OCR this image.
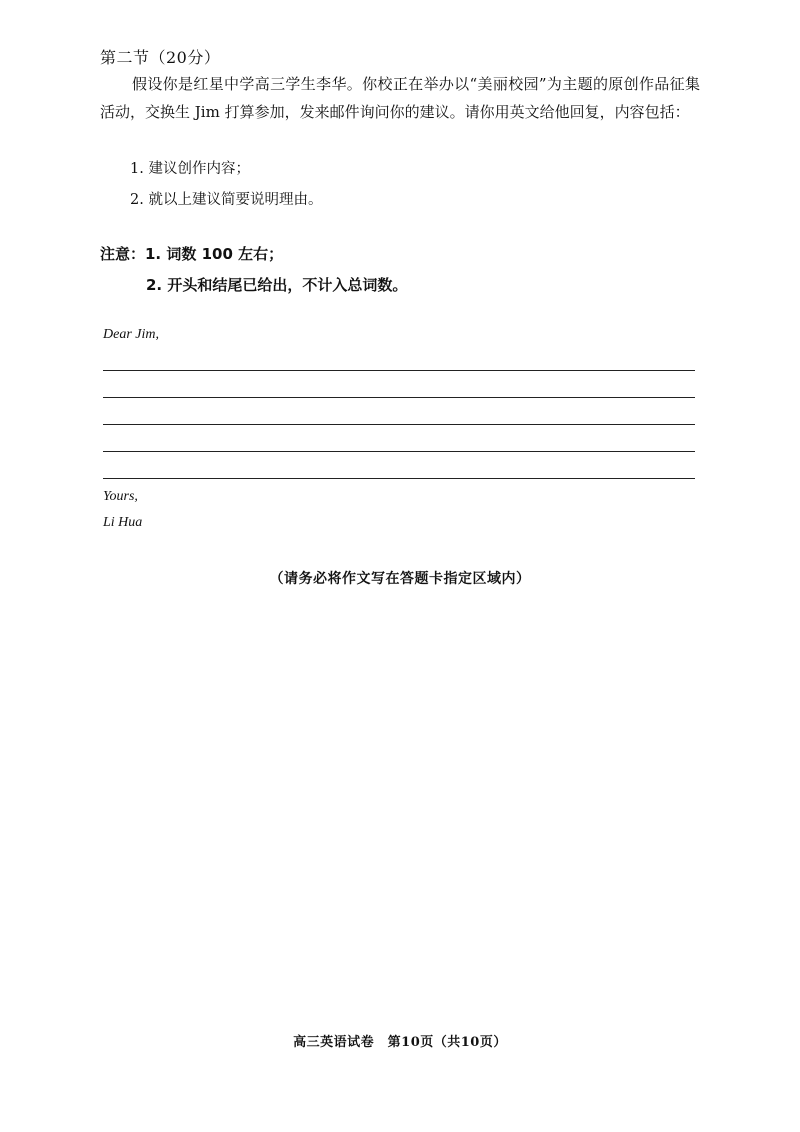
第二节（20分）

假设你是红星中学高三学生李华。你校正在举办以“美丽校园”为主题的原创作品征集活动，交换生 Jim 打算参加，发来邮件询问你的建议。请你用英文给他回复，内容包括：

1. 建议创作内容；
2. 就以上建议简要说明理由。
注意：1. 词数 100 左右；
2. 开头和结尾已给出，不计入总词数。
Dear Jim,
Yours,
Li Hua
（请务必将作文写在答题卡指定区域内）
高三英语试卷　第10页（共10页）
